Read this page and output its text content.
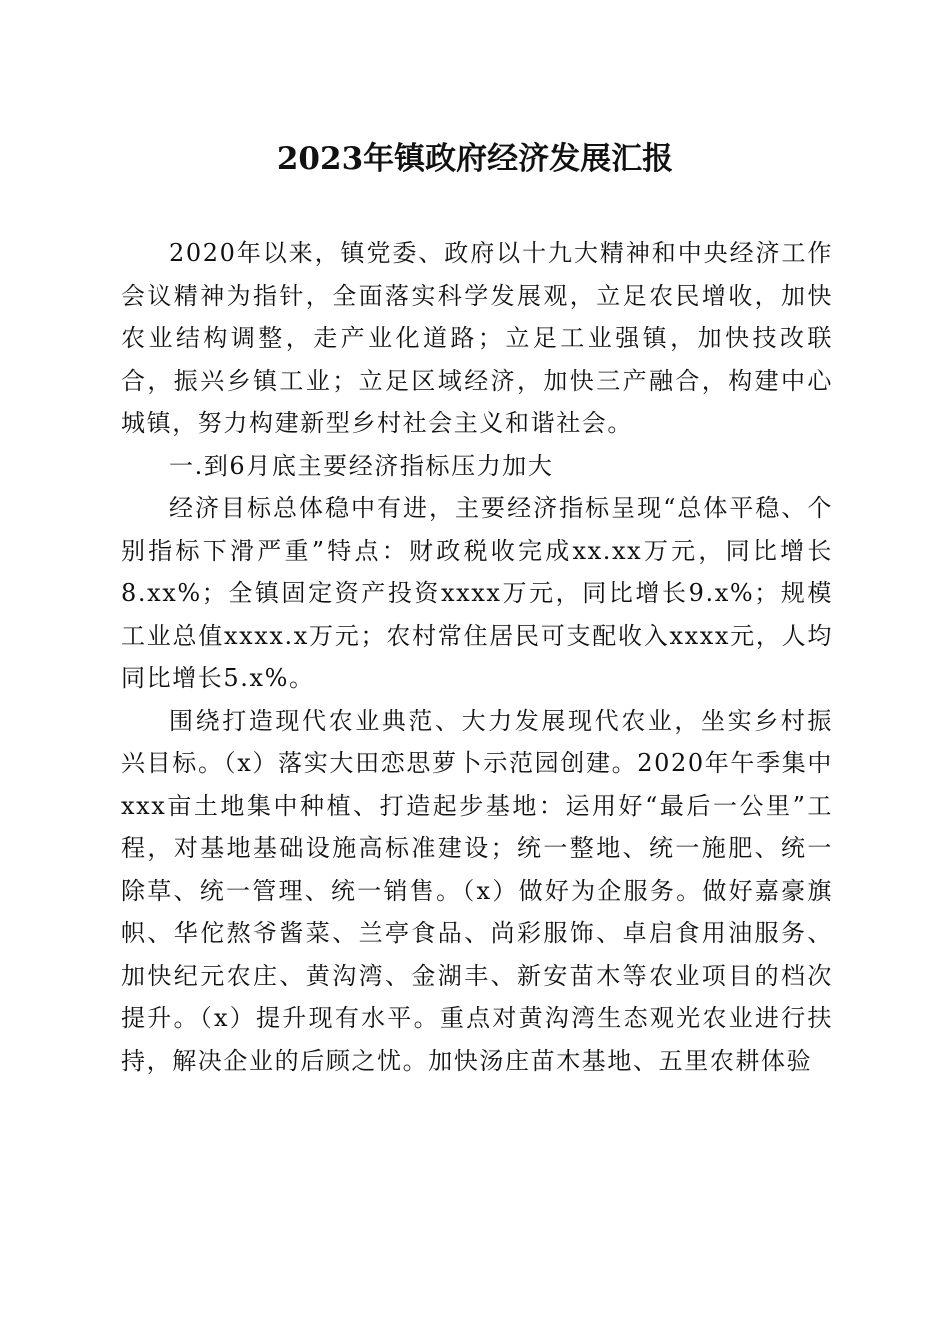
2023年镇政府经济发展汇报

2020年以来，镇党委、政府以十九大精神和中央经济工作会议精神为指针，全面落实科学发展观，立足农民增收，加快农业结构调整，走产业化道路；立足工业强镇，加快技改联合，振兴乡镇工业；立足区域经济，加快三产融合，构建中心城镇，努力构建新型乡村社会主义和谐社会。

一.到6月底主要经济指标压力加大

经济目标总体稳中有进，主要经济指标呈现“总体平稳、个别指标下滑严重”特点：财政税收完成xx.xx万元，同比增长8.xx%；全镇固定资产投资xxxx万元，同比增长9.x%；规模工业总值xxxx.x万元；农村常住居民可支配收入xxxx元，人均同比增长5.x%。

围绕打造现代农业典范、大力发展现代农业，坐实乡村振兴目标。（x）落实大田恋思萝卜示范园创建。2020年午季集中xxx亩土地集中种植、打造起步基地：运用好“最后一公里”工程，对基地基础设施高标准建设；统一整地、统一施肥、统一除草、统一管理、统一销售。（x）做好为企服务。做好嘉豪旗帜、华佗熬爷酱菜、兰亭食品、尚彩服饰、卓启食用油服务、加快纪元农庄、黄沟湾、金湖丰、新安苗木等农业项目的档次提升。（x）提升现有水平。重点对黄沟湾生态观光农业进行扶持，解决企业的后顾之忧。加快汤庄苗木基地、五里农耕体验
